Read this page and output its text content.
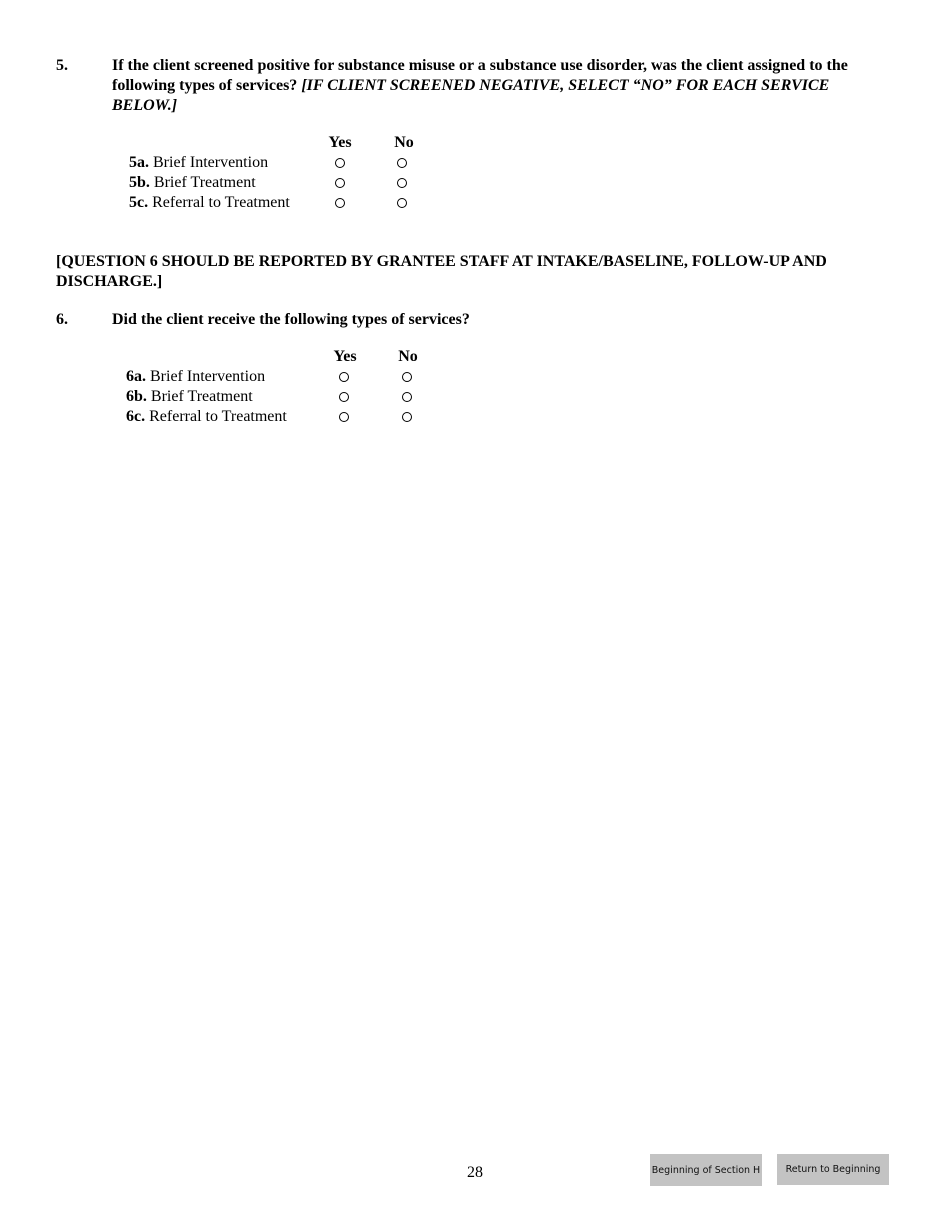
5.	If the client screened positive for substance misuse or a substance use disorder, was the client assigned to the following types of services? [IF CLIENT SCREENED NEGATIVE, SELECT “NO” FOR EACH SERVICE BELOW.]
Yes	No
5a. Brief Intervention
5b. Brief Treatment
5c. Referral to Treatment
[QUESTION 6 SHOULD BE REPORTED BY GRANTEE STAFF AT INTAKE/BASELINE, FOLLOW-UP AND DISCHARGE.]
6.	Did the client receive the following types of services?
Yes	No
6a. Brief Intervention
6b. Brief Treatment
6c. Referral to Treatment
28	Beginning of Section H	Return to Beginning
